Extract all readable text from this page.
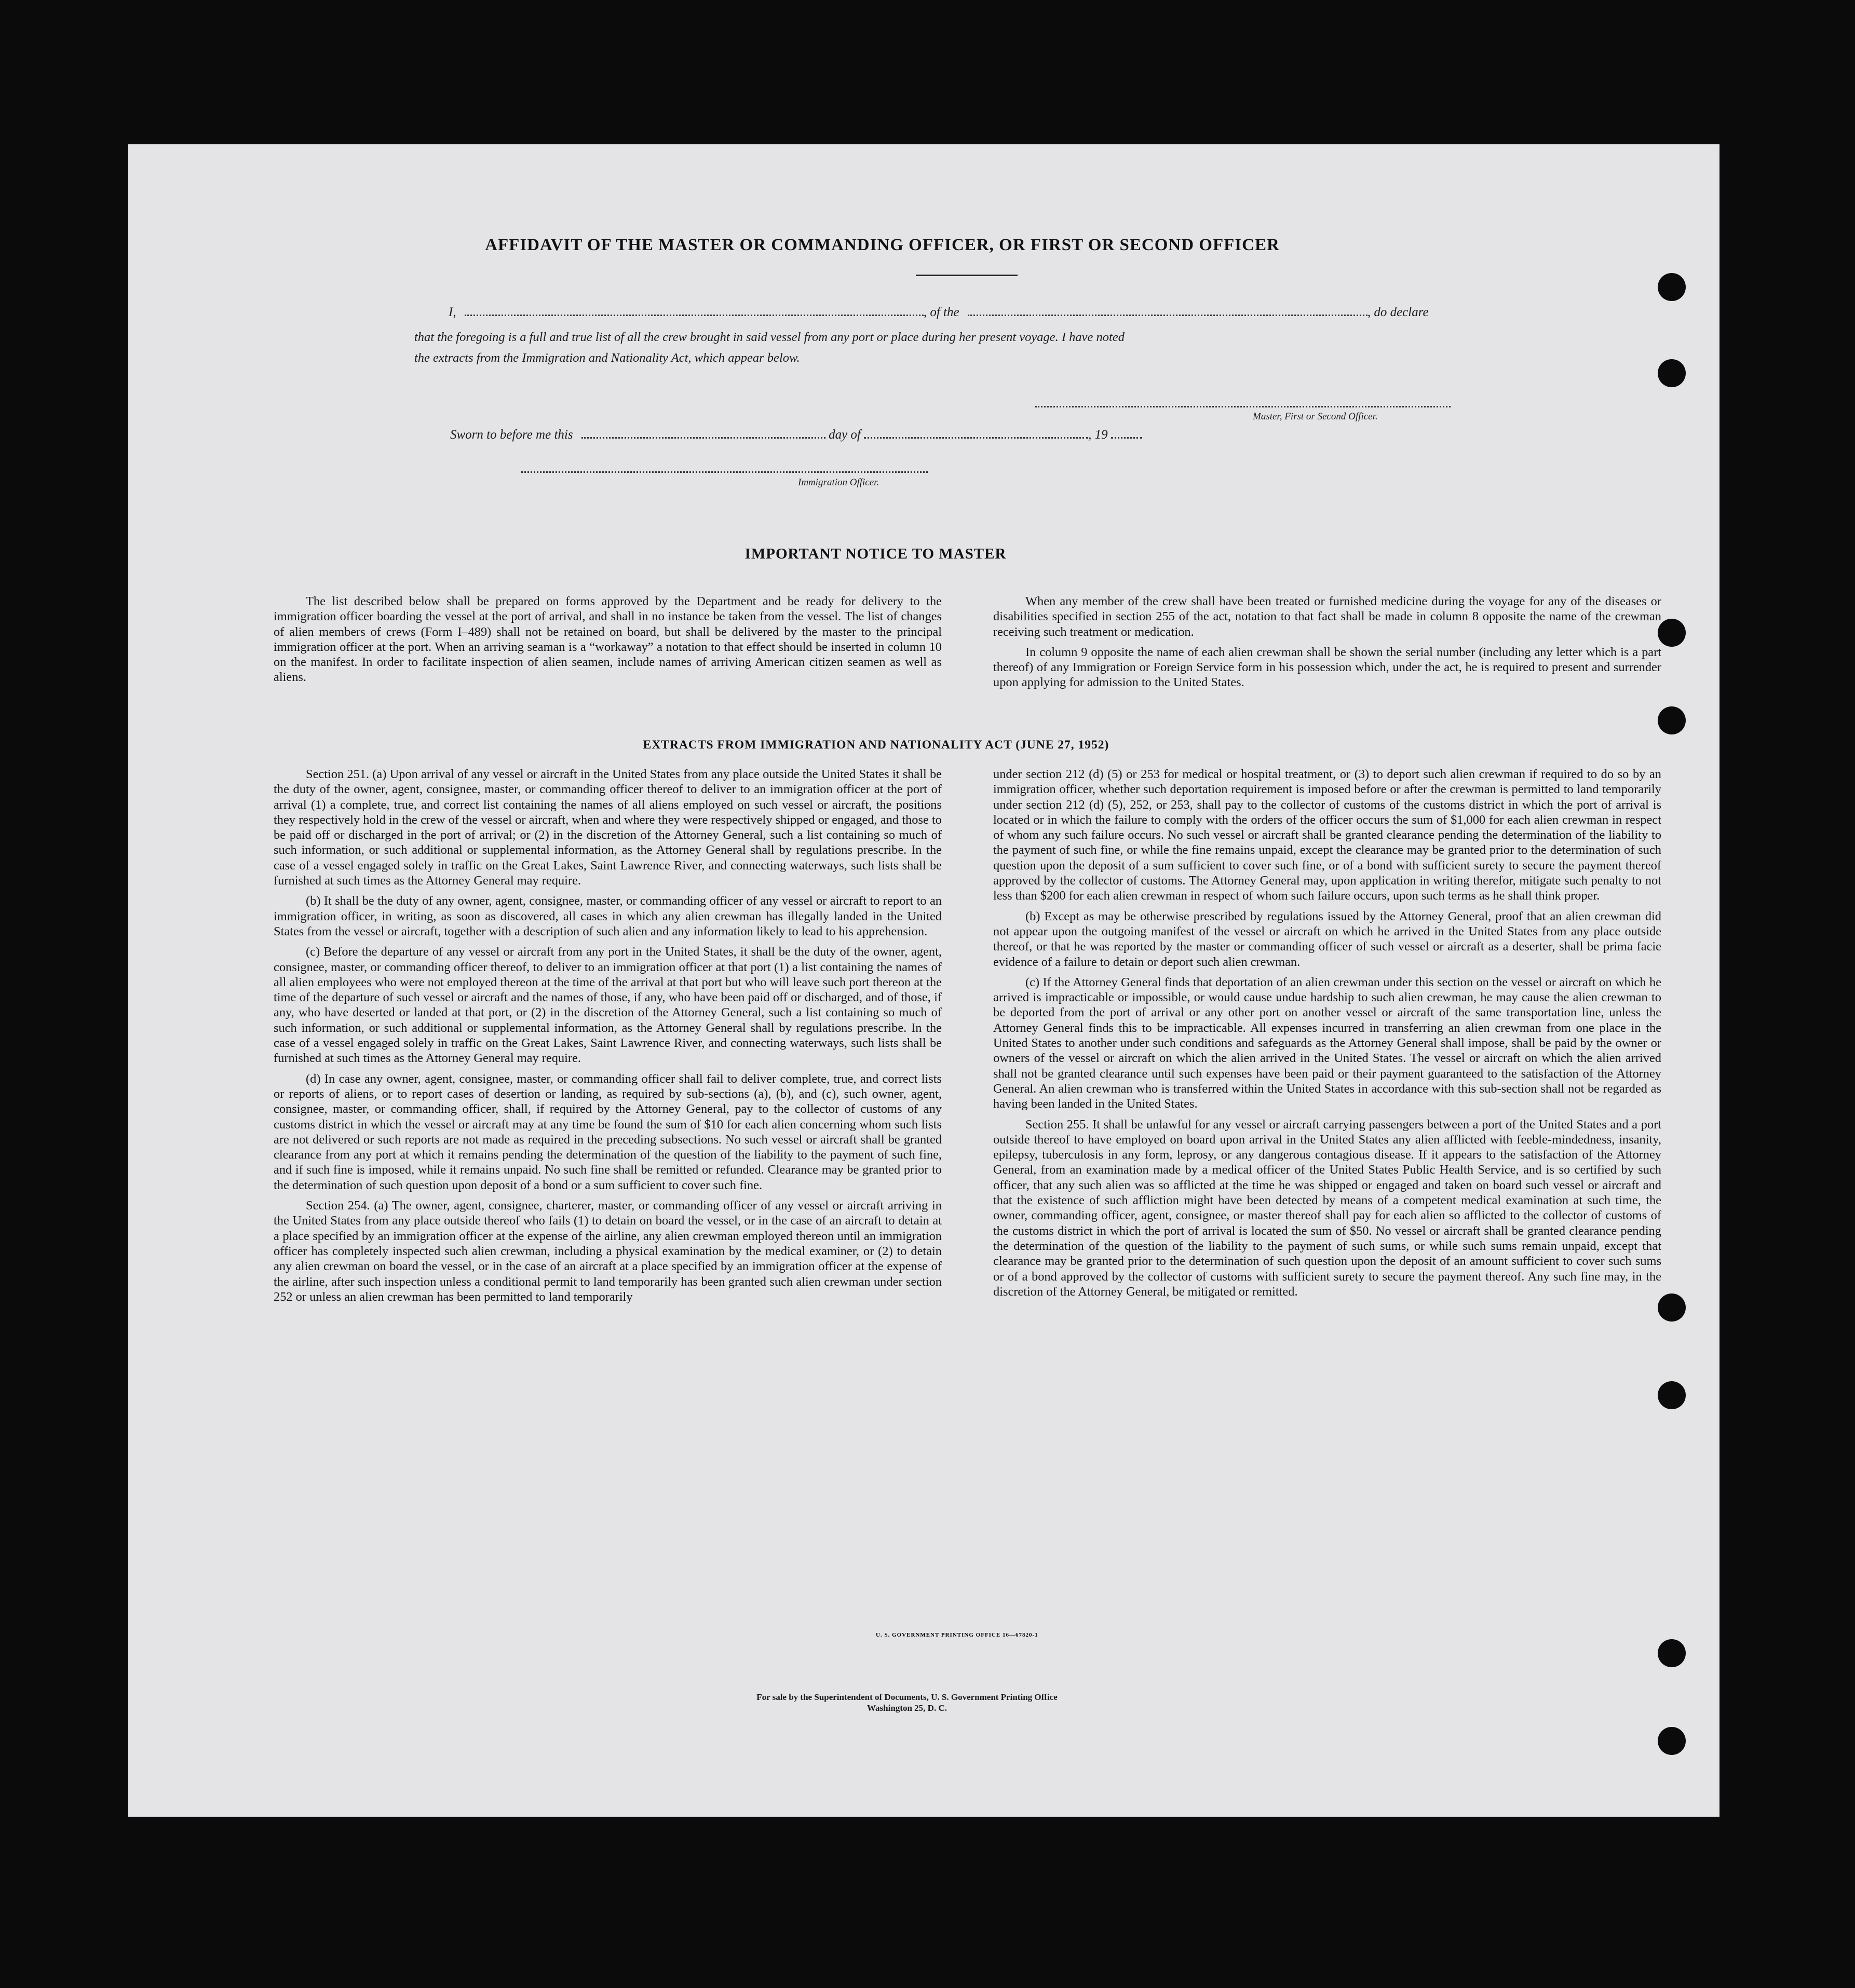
AFFIDAVIT OF THE MASTER OR COMMANDING OFFICER, OR FIRST OR SECOND OFFICER
I,	, of the	, do declare
that the foregoing is a full and true list of all the crew brought in said vessel from any port or place during her present voyage. I have noted
the extracts from the Immigration and Nationality Act, which appear below.
Master, First or Second Officer.
Sworn to before me this	day of	, 19
Immigration Officer.
IMPORTANT NOTICE TO MASTER

The list described below shall be prepared on forms approved by the Department and be ready for delivery to the immigration officer boarding the vessel at the port of arrival, and shall in no instance be taken from the vessel. The list of changes of alien members of crews (Form I–489) shall not be retained on board, but shall be delivered by the master to the principal immigration officer at the port. When an arriving seaman is a “workaway” a notation to that effect should be inserted in column 10 on the manifest. In order to facilitate inspection of alien seamen, include names of arriving American citizen seamen as well as aliens.

When any member of the crew shall have been treated or furnished medicine during the voyage for any of the diseases or disabilities specified in section 255 of the act, notation to that fact shall be made in column 8 opposite the name of the crewman receiving such treatment or medication.

In column 9 opposite the name of each alien crewman shall be shown the serial number (including any letter which is a part thereof) of any Immigration or Foreign Service form in his possession which, under the act, he is required to present and surrender upon applying for admission to the United States.

EXTRACTS FROM IMMIGRATION AND NATIONALITY ACT (JUNE 27, 1952)

Section 251. (a) Upon arrival of any vessel or aircraft in the United States from any place outside the United States it shall be the duty of the owner, agent, consignee, master, or commanding officer thereof to deliver to an immigration officer at the port of arrival (1) a complete, true, and correct list containing the names of all aliens employed on such vessel or aircraft, the positions they respectively hold in the crew of the vessel or aircraft, when and where they were respectively shipped or engaged, and those to be paid off or discharged in the port of arrival; or (2) in the discretion of the Attorney General, such a list containing so much of such information, or such additional or supplemental information, as the Attorney General shall by regulations prescribe. In the case of a vessel engaged solely in traffic on the Great Lakes, Saint Lawrence River, and connecting waterways, such lists shall be furnished at such times as the Attorney General may require.

(b) It shall be the duty of any owner, agent, consignee, master, or commanding officer of any vessel or aircraft to report to an immigration officer, in writing, as soon as discovered, all cases in which any alien crewman has illegally landed in the United States from the vessel or aircraft, together with a description of such alien and any information likely to lead to his apprehension.

(c) Before the departure of any vessel or aircraft from any port in the United States, it shall be the duty of the owner, agent, consignee, master, or commanding officer thereof, to deliver to an immigration officer at that port (1) a list containing the names of all alien employees who were not employed thereon at the time of the arrival at that port but who will leave such port thereon at the time of the departure of such vessel or aircraft and the names of those, if any, who have been paid off or discharged, and of those, if any, who have deserted or landed at that port, or (2) in the discretion of the Attorney General, such a list containing so much of such information, or such additional or supplemental information, as the Attorney General shall by regulations prescribe. In the case of a vessel engaged solely in traffic on the Great Lakes, Saint Lawrence River, and connecting waterways, such lists shall be furnished at such times as the Attorney General may require.

(d) In case any owner, agent, consignee, master, or commanding officer shall fail to deliver complete, true, and correct lists or reports of aliens, or to report cases of desertion or landing, as required by sub-sections (a), (b), and (c), such owner, agent, consignee, master, or commanding officer, shall, if required by the Attorney General, pay to the collector of customs of any customs district in which the vessel or aircraft may at any time be found the sum of $10 for each alien concerning whom such lists are not delivered or such reports are not made as required in the preceding subsections. No such vessel or aircraft shall be granted clearance from any port at which it remains pending the determination of the question of the liability to the payment of such fine, and if such fine is imposed, while it remains unpaid. No such fine shall be remitted or refunded. Clearance may be granted prior to the determination of such question upon deposit of a bond or a sum sufficient to cover such fine.

Section 254. (a) The owner, agent, consignee, charterer, master, or commanding officer of any vessel or aircraft arriving in the United States from any place outside thereof who fails (1) to detain on board the vessel, or in the case of an aircraft to detain at a place specified by an immigration officer at the expense of the airline, any alien crewman employed thereon until an immigration officer has completely inspected such alien crewman, including a physical examination by the medical examiner, or (2) to detain any alien crewman on board the vessel, or in the case of an aircraft at a place specified by an immigration officer at the expense of the airline, after such inspection unless a conditional permit to land temporarily has been granted such alien crewman under section 252 or unless an alien crewman has been permitted to land temporarily

under section 212 (d) (5) or 253 for medical or hospital treatment, or (3) to deport such alien crewman if required to do so by an immigration officer, whether such deportation requirement is imposed before or after the crewman is permitted to land temporarily under section 212 (d) (5), 252, or 253, shall pay to the collector of customs of the customs district in which the port of arrival is located or in which the failure to comply with the orders of the officer occurs the sum of $1,000 for each alien crewman in respect of whom any such failure occurs. No such vessel or aircraft shall be granted clearance pending the determination of the liability to the payment of such fine, or while the fine remains unpaid, except the clearance may be granted prior to the determination of such question upon the deposit of a sum sufficient to cover such fine, or of a bond with sufficient surety to secure the payment thereof approved by the collector of customs. The Attorney General may, upon application in writing therefor, mitigate such penalty to not less than $200 for each alien crewman in respect of whom such failure occurs, upon such terms as he shall think proper.

(b) Except as may be otherwise prescribed by regulations issued by the Attorney General, proof that an alien crewman did not appear upon the outgoing manifest of the vessel or aircraft on which he arrived in the United States from any place outside thereof, or that he was reported by the master or commanding officer of such vessel or aircraft as a deserter, shall be prima facie evidence of a failure to detain or deport such alien crewman.

(c) If the Attorney General finds that deportation of an alien crewman under this section on the vessel or aircraft on which he arrived is impracticable or impossible, or would cause undue hardship to such alien crewman, he may cause the alien crewman to be deported from the port of arrival or any other port on another vessel or aircraft of the same transportation line, unless the Attorney General finds this to be impracticable. All expenses incurred in transferring an alien crewman from one place in the United States to another under such conditions and safeguards as the Attorney General shall impose, shall be paid by the owner or owners of the vessel or aircraft on which the alien arrived in the United States. The vessel or aircraft on which the alien arrived shall not be granted clearance until such expenses have been paid or their payment guaranteed to the satisfaction of the Attorney General. An alien crewman who is transferred within the United States in accordance with this sub-section shall not be regarded as having been landed in the United States.

Section 255. It shall be unlawful for any vessel or aircraft carrying passengers between a port of the United States and a port outside thereof to have employed on board upon arrival in the United States any alien afflicted with feeble-mindedness, insanity, epilepsy, tuberculosis in any form, leprosy, or any dangerous contagious disease. If it appears to the satisfaction of the Attorney General, from an examination made by a medical officer of the United States Public Health Service, and is so certified by such officer, that any such alien was so afflicted at the time he was shipped or engaged and taken on board such vessel or aircraft and that the existence of such affliction might have been detected by means of a competent medical examination at such time, the owner, commanding officer, agent, consignee, or master thereof shall pay for each alien so afflicted to the collector of customs of the customs district in which the port of arrival is located the sum of $50. No vessel or aircraft shall be granted clearance pending the determination of the question of the liability to the payment of such sums, or while such sums remain unpaid, except that clearance may be granted prior to the determination of such question upon the deposit of an amount sufficient to cover such sums or of a bond approved by the collector of customs with sufficient surety to secure the payment thereof. Any such fine may, in the discretion of the Attorney General, be mitigated or remitted.

U. S. GOVERNMENT PRINTING OFFICE 16—67820-1
For sale by the Superintendent of Documents, U. S. Government Printing Office
Washington 25, D. C.
